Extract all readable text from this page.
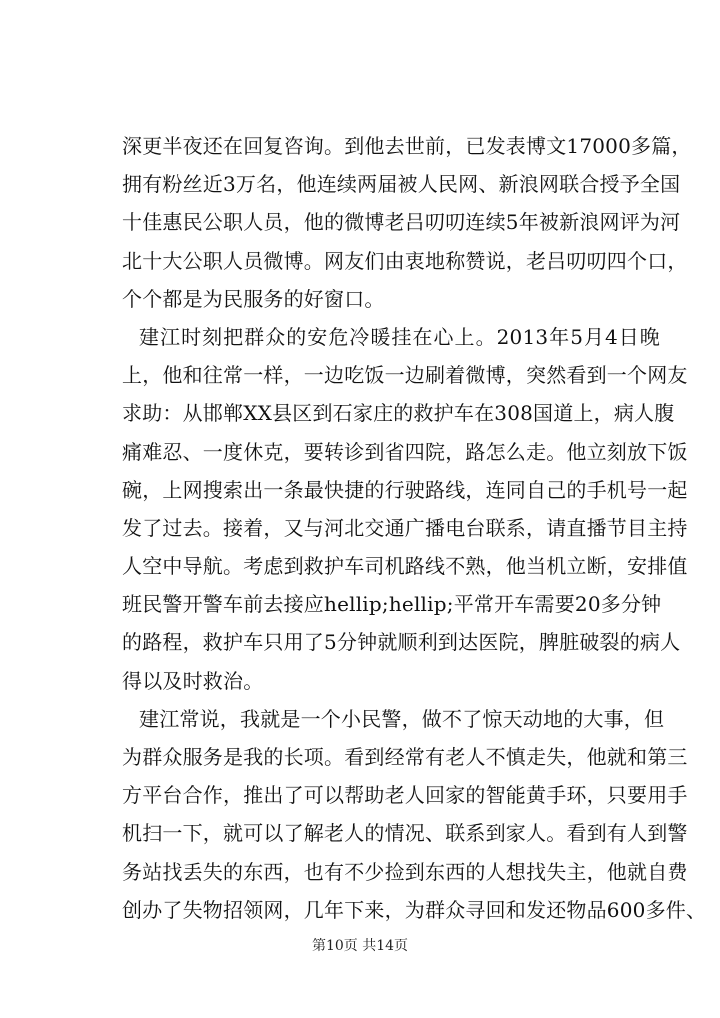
深更半夜还在回复咨询。到他去世前，已发表博文17000多篇，
拥有粉丝近3万名，他连续两届被人民网、新浪网联合授予全国
十佳惠民公职人员，他的微博老吕叨叨连续5年被新浪网评为河
北十大公职人员微博。网友们由衷地称赞说，老吕叨叨四个口，
个个都是为民服务的好窗口。
建江时刻把群众的安危冷暖挂在心上。2013年5月4日晚
上，他和往常一样，一边吃饭一边刷着微博，突然看到一个网友
求助：从邯郸XX县区到石家庄的救护车在308国道上，病人腹
痛难忍、一度休克，要转诊到省四院，路怎么走。他立刻放下饭
碗，上网搜索出一条最快捷的行驶路线，连同自己的手机号一起
发了过去。接着，又与河北交通广播电台联系，请直播节目主持
人空中导航。考虑到救护车司机路线不熟，他当机立断，安排值
班民警开警车前去接应hellip;hellip;平常开车需要20多分钟
的路程，救护车只用了5分钟就顺利到达医院，脾脏破裂的病人
得以及时救治。
建江常说，我就是一个小民警，做不了惊天动地的大事，但
为群众服务是我的长项。看到经常有老人不慎走失，他就和第三
方平台合作，推出了可以帮助老人回家的智能黄手环，只要用手
机扫一下，就可以了解老人的情况、联系到家人。看到有人到警
务站找丢失的东西，也有不少捡到东西的人想找失主，他就自费
创办了失物招领网，几年下来，为群众寻回和发还物品600多件、
第10页 共14页
